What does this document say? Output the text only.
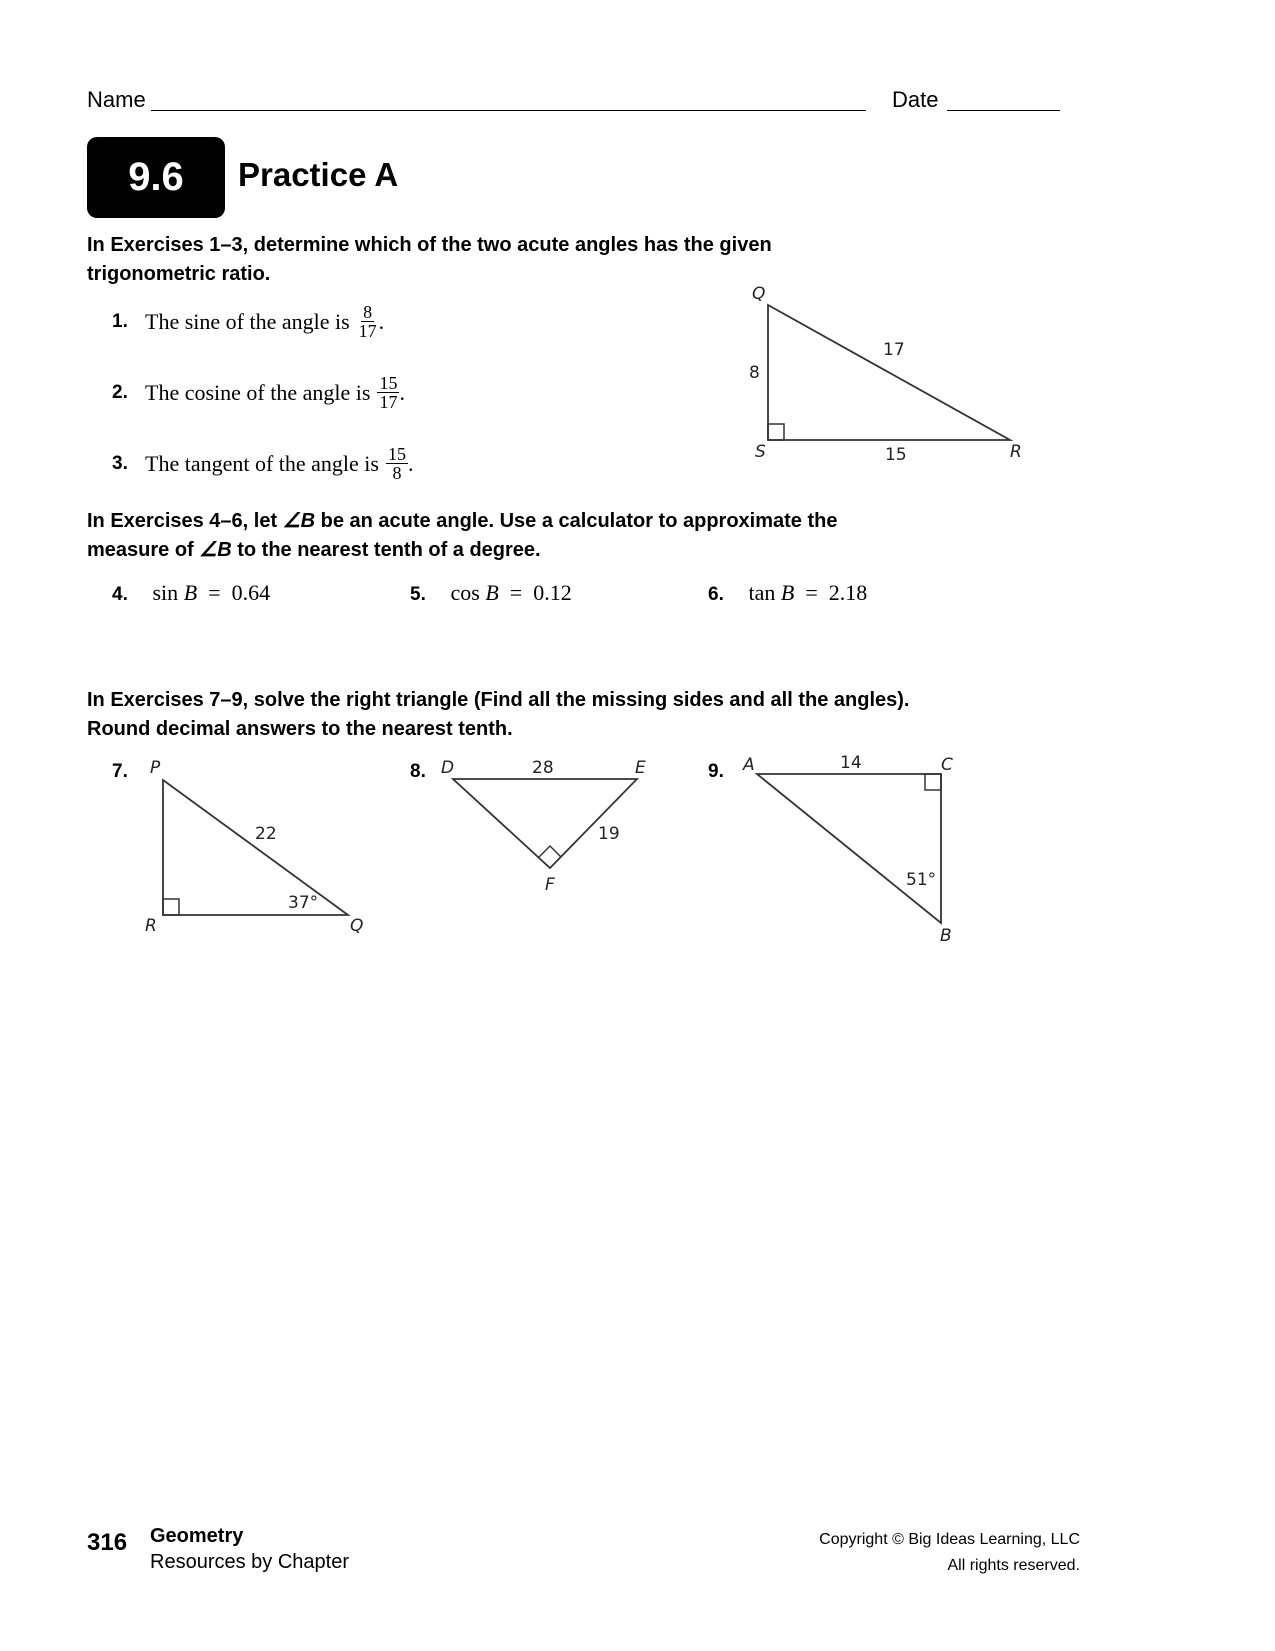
Name	Date
9.6	Practice A
In Exercises 1–3, determine which of the two acute angles has the given trigonometric ratio.
1. The sine of the angle is $\frac{8}{17}$ .
2. The cosine of the angle is $\frac{15}{17}$ .
3. The tangent of the angle is $\frac{15}{8}$ .
Q
S	R
8
17
15
In Exercises 4–6, let ∠B be an acute angle. Use a calculator to approximate the measure of ∠B to the nearest tenth of a degree.
4. sin B = 0.64	5. cos B = 0.12	6. tan B = 2.18
In Exercises 7–9, solve the right triangle (Find all the missing sides and all the angles).
Round decimal answers to the nearest tenth.
7. P
R	Q
22
37°
8. D	E
F
28
19
9. A	C
B
14
51°
316 Geometry
Resources by Chapter
Copyright © Big Ideas Learning, LLC
All rights reserved.
